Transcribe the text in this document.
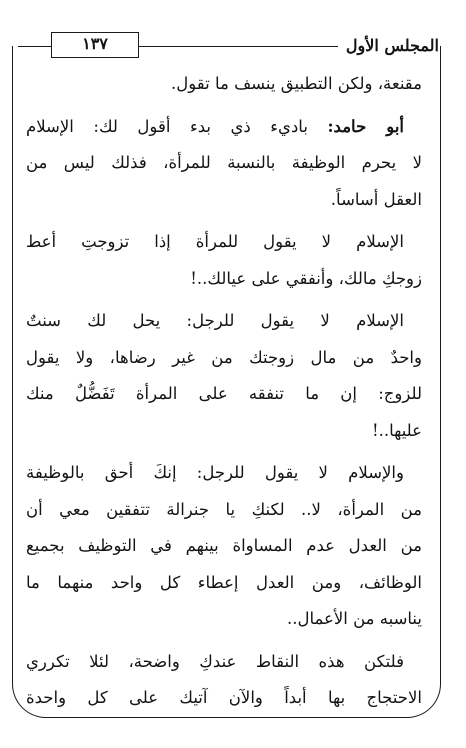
المجلس الأول
١٣٧
مقنعة، ولكن التطبيق ينسف ما تقول.
أبو حامد: باديء ذي بدء أقول لك: الإسلام
لا يحرم الوظيفة بالنسبة للمرأة، فذلك ليس من
العقل أساساً.
الإسلام لا يقول للمرأة إذا تزوجتِ أعط
زوجكِ مالك، وأنفقي على عيالك..!
الإسلام لا يقول للرجل: يحل لك سنتٌ
واحدٌ من مال زوجتك من غير رضاها، ولا يقول
للزوج: إن ما تنفقه على المرأة تَفَضُّلٌ منك
عليها..!
والإسلام لا يقول للرجل: إنكَ أحق بالوظيفة
من المرأة، لا.. لكنكِ يا جنرالة تتفقين معي أن
من العدل عدم المساواة بينهم في التوظيف بجميع
الوظائف، ومن العدل إعطاء كل واحد منهما ما
يناسبه من الأعمال..
فلتكن هذه النقاط عندكِ واضحة، لئلا تكرري
الاحتجاج بها أبداً والآن آتيك على كل واحدة
